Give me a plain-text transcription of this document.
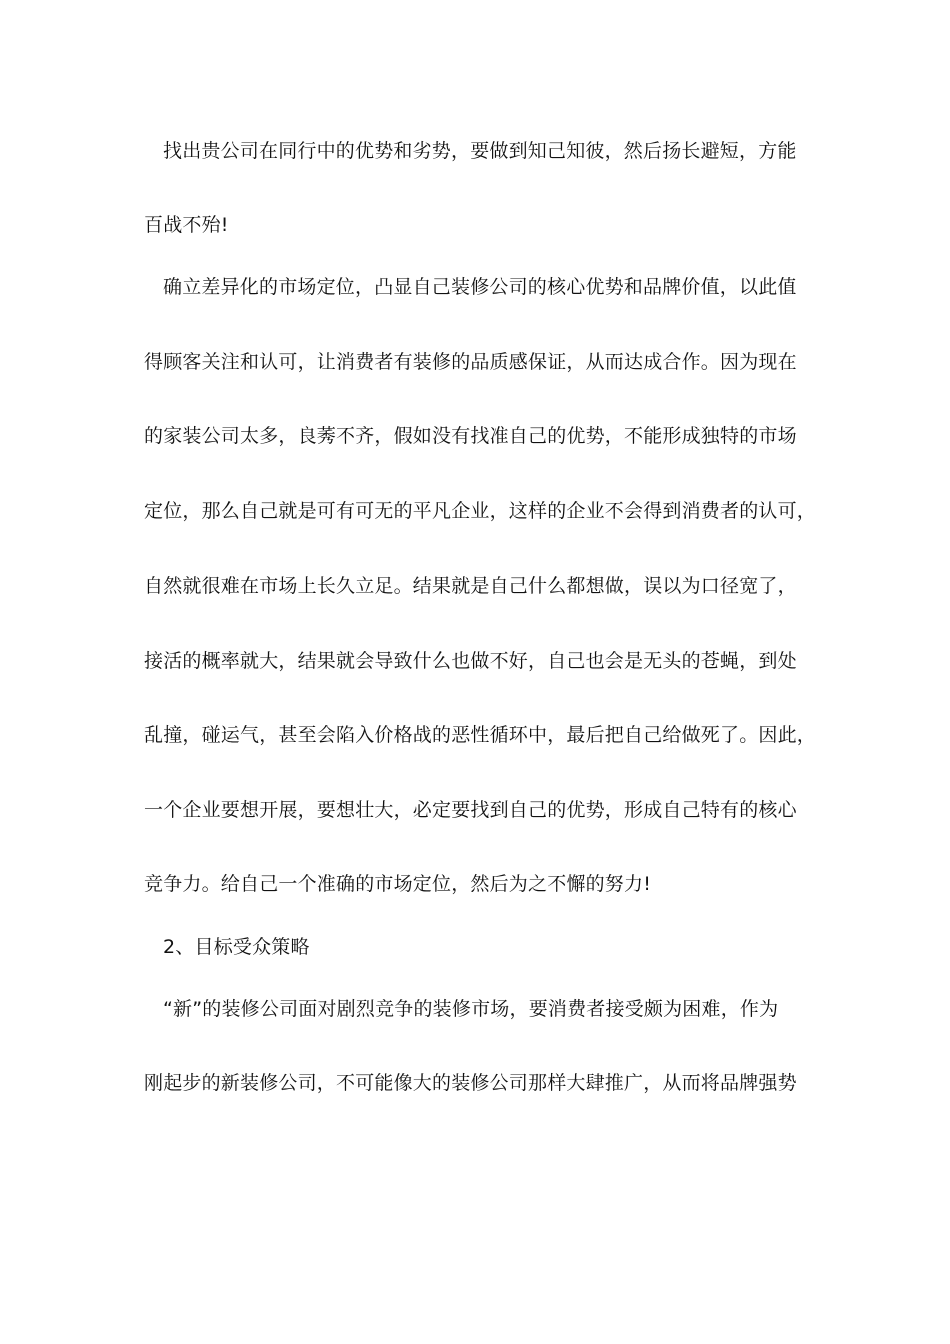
找出贵公司在同行中的优势和劣势，要做到知己知彼，然后扬长避短，方能
百战不殆!
确立差异化的市场定位，凸显自己装修公司的核心优势和品牌价值，以此值
得顾客关注和认可，让消费者有装修的品质感保证，从而达成合作。因为现在
的家装公司太多，良莠不齐，假如没有找准自己的优势，不能形成独特的市场
定位，那么自己就是可有可无的平凡企业，这样的企业不会得到消费者的认可，
自然就很难在市场上长久立足。结果就是自己什么都想做，误以为口径宽了，
接活的概率就大，结果就会导致什么也做不好，自己也会是无头的苍蝇，到处
乱撞，碰运气，甚至会陷入价格战的恶性循环中，最后把自己给做死了。因此，
一个企业要想开展，要想壮大，必定要找到自己的优势，形成自己特有的核心
竞争力。给自己一个准确的市场定位，然后为之不懈的努力!
2、目标受众策略
“新”的装修公司面对剧烈竞争的装修市场，要消费者接受颇为困难，作为
刚起步的新装修公司，不可能像大的装修公司那样大肆推广，从而将品牌强势
